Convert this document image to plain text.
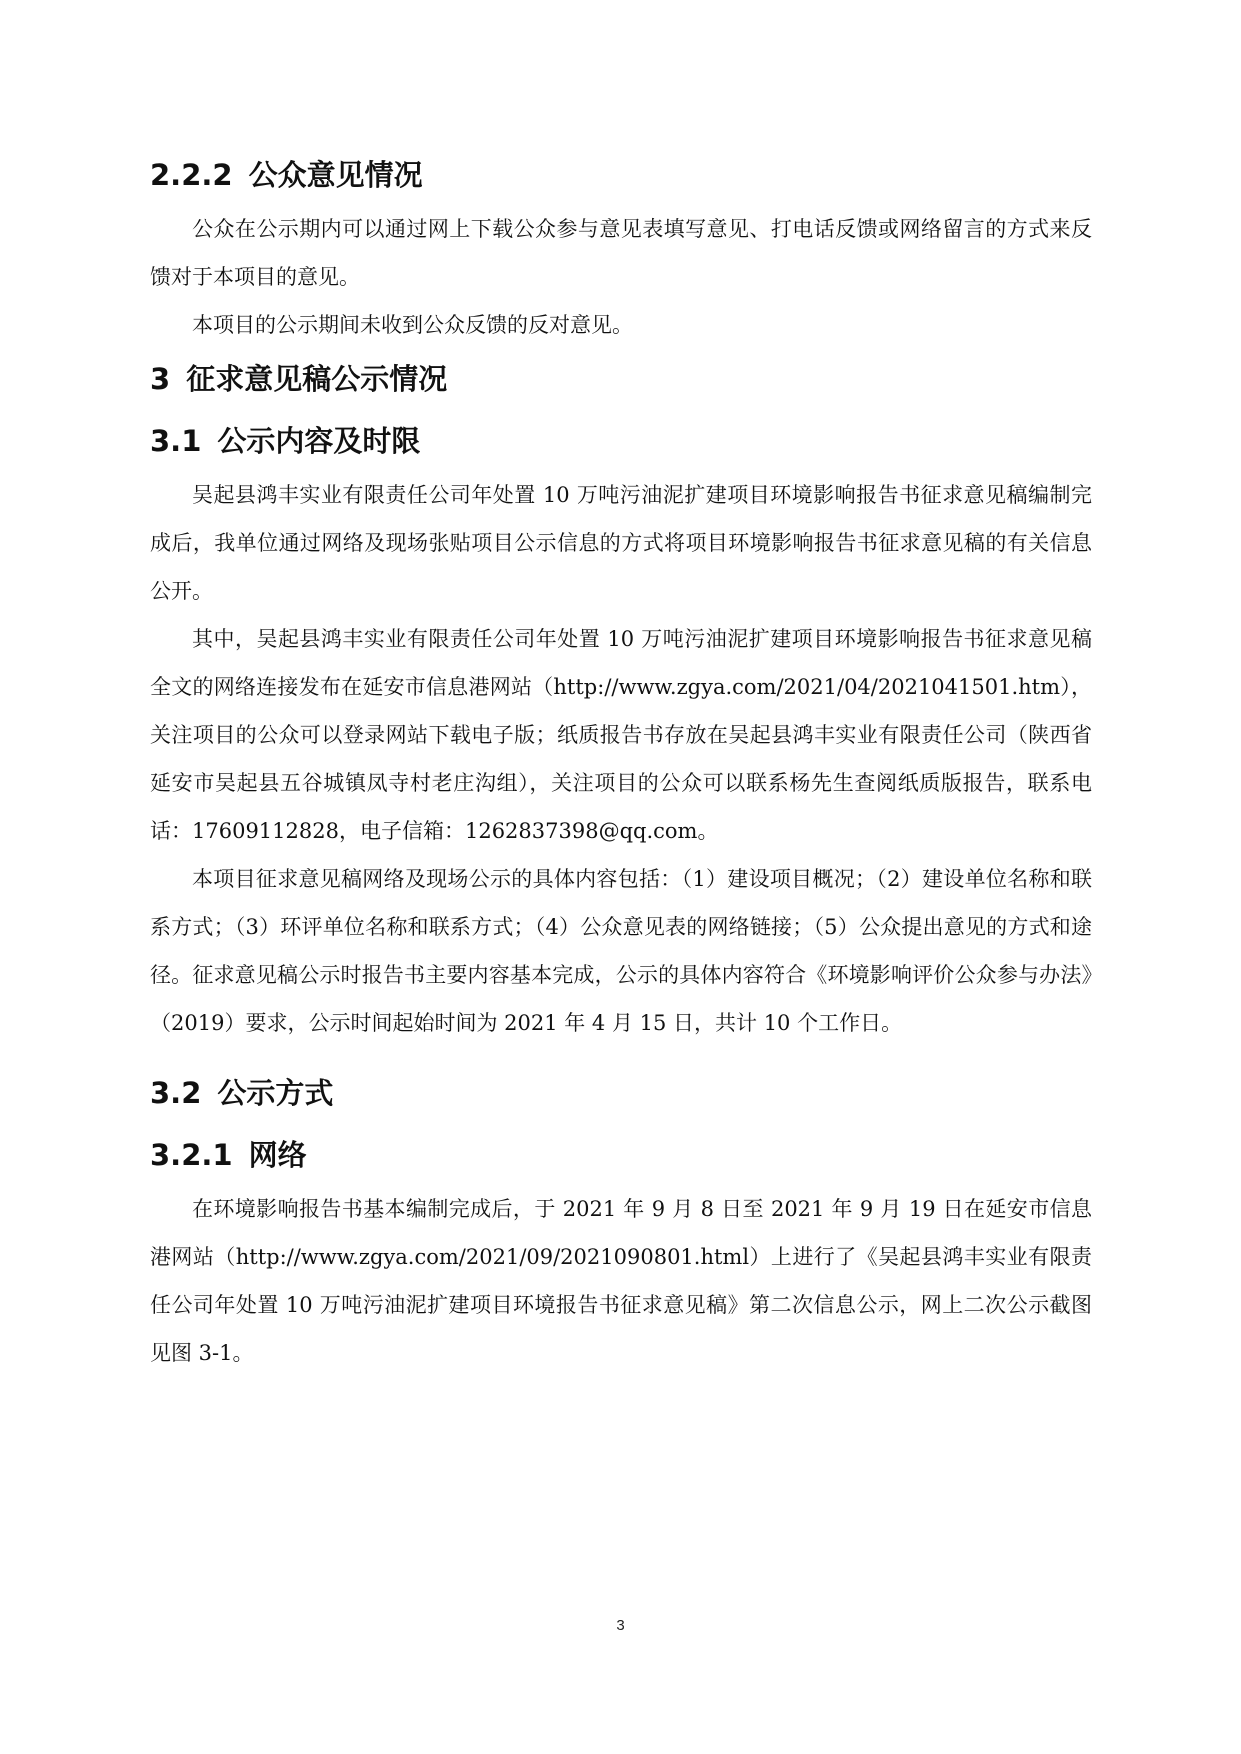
2.2.2 公众意见情况

公众在公示期内可以通过网上下载公众参与意见表填写意见、打电话反馈或网络留言的方式来反馈对于本项目的意见。

本项目的公示期间未收到公众反馈的反对意见。

3 征求意见稿公示情况
3.1 公示内容及时限

吴起县鸿丰实业有限责任公司年处置 10 万吨污油泥扩建项目环境影响报告书征求意见稿编制完成后，我单位通过网络及现场张贴项目公示信息的方式将项目环境影响报告书征求意见稿的有关信息公开。

其中，吴起县鸿丰实业有限责任公司年处置 10 万吨污油泥扩建项目环境影响报告书征求意见稿全文的网络连接发布在延安市信息港网站（http://www.zgya.com/2021/04/2021041501.htm），关注项目的公众可以登录网站下载电子版；纸质报告书存放在吴起县鸿丰实业有限责任公司（陕西省延安市吴起县五谷城镇凤寺村老庄沟组），关注项目的公众可以联系杨先生查阅纸质版报告，联系电话：17609112828，电子信箱：1262837398@qq.com。

本项目征求意见稿网络及现场公示的具体内容包括：（1）建设项目概况；（2）建设单位名称和联系方式；（3）环评单位名称和联系方式；（4）公众意见表的网络链接；（5）公众提出意见的方式和途径。征求意见稿公示时报告书主要内容基本完成，公示的具体内容符合《环境影响评价公众参与办法》（2019）要求，公示时间起始时间为 2021 年 4 月 15 日，共计 10 个工作日。

3.2 公示方式
3.2.1 网络

在环境影响报告书基本编制完成后，于 2021 年 9 月 8 日至 2021 年 9 月 19 日在延安市信息港网站（http://www.zgya.com/2021/09/2021090801.html）上进行了《吴起县鸿丰实业有限责任公司年处置 10 万吨污油泥扩建项目环境报告书征求意见稿》第二次信息公示，网上二次公示截图见图 3-1。

3
